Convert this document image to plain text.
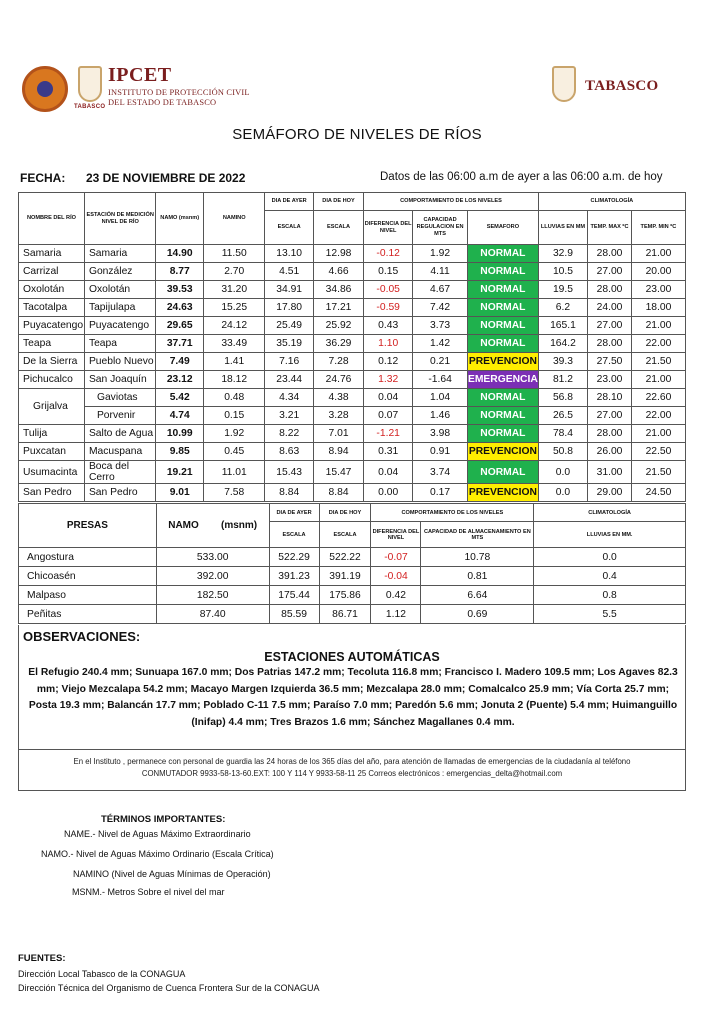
TABASCO
IPCET
INSTITUTO DE PROTECCIÓN CIVIL
DEL ESTADO DE TABASCO
TABASCO
SEMÁFORO DE NIVELES DE RÍOS
FECHA: 23 DE NOVIEMBRE DE 2022	Datos de las 06:00 a.m de ayer a las 06:00 a.m. de hoy
NOMBRE DEL RÍO	ESTACIÓN DE MEDICIÓN NIVEL DE RÍO	NAMO (msnm)	NAMINO	DIA DE AYER	DIA DE HOY	COMPORTAMIENTO DE LOS NIVELES			CLIMATOLOGÍA		
				ESCALA	ESCALA	DIFERENCIA DEL NIVEL	CAPACIDAD REGULACION EN MTS	SEMAFORO	LLUVIAS EN MM	TEMP. MAX ºC	TEMP. MIN ºC
Samaria	Samaria	14.90	11.50	13.10	12.98	-0.12	1.92	NORMAL	32.9	28.00	21.00
Carrizal	González	8.77	2.70	4.51	4.66	0.15	4.11	NORMAL	10.5	27.00	20.00
Oxolotán	Oxolotán	39.53	31.20	34.91	34.86	-0.05	4.67	NORMAL	19.5	28.00	23.00
Tacotalpa	Tapijulapa	24.63	15.25	17.80	17.21	-0.59	7.42	NORMAL	6.2	24.00	18.00
Puyacatengo	Puyacatengo	29.65	24.12	25.49	25.92	0.43	3.73	NORMAL	165.1	27.00	21.00
Teapa	Teapa	37.71	33.49	35.19	36.29	1.10	1.42	NORMAL	164.2	28.00	22.00
De la Sierra	Pueblo Nuevo	7.49	1.41	7.16	7.28	0.12	0.21	PREVENCION	39.3	27.50	21.50
Pichucalco	San Joaquín	23.12	18.12	23.44	24.76	1.32	-1.64	EMERGENCIA	81.2	23.00	21.00
Grijalva	Gaviotas	5.42	0.48	4.34	4.38	0.04	1.04	NORMAL	56.8	28.10	22.60
	Porvenir	4.74	0.15	3.21	3.28	0.07	1.46	NORMAL	26.5	27.00	22.00
Tulija	Salto de Agua	10.99	1.92	8.22	7.01	-1.21	3.98	NORMAL	78.4	28.00	21.00
Puxcatan	Macuspana	9.85	0.45	8.63	8.94	0.31	0.91	PREVENCION	50.8	26.00	22.50
Usumacinta	Boca del Cerro	19.21	11.01	15.43	15.47	0.04	3.74	NORMAL	0.0	31.00	21.50
San Pedro	San Pedro	9.01	7.58	8.84	8.84	0.00	0.17	PREVENCION	0.0	29.00	24.50
PRESAS	NAMO (msnm)	DIA DE AYER	DIA DE HOY	COMPORTAMIENTO DE LOS NIVELES		CLIMATOLOGÍA
		ESCALA	ESCALA	DIFERENCIA DEL NIVEL	CAPACIDAD DE ALMACENAMIENTO EN MTS	LLUVIAS EN MM.
Angostura	533.00	522.29	522.22	-0.07	10.78	0.0
Chicoasén	392.00	391.23	391.19	-0.04	0.81	0.4
Malpaso	182.50	175.44	175.86	0.42	6.64	0.8
Peñitas	87.40	85.59	86.71	1.12	0.69	5.5
OBSERVACIONES:
ESTACIONES AUTOMÁTICAS
El Refugio 240.4 mm; Sunuapa 167.0 mm; Dos Patrias 147.2 mm; Tecoluta 116.8 mm; Francisco I. Madero 109.5 mm; Los Agaves 82.3 mm; Viejo Mezcalapa 54.2 mm; Macayo Margen Izquierda 36.5 mm; Mezcalapa 28.0 mm; Comalcalco 25.9 mm; Vía Corta 25.7 mm; Posta 19.3 mm; Balancán 17.7 mm; Poblado C-11 7.5 mm; Paraíso 7.0 mm; Paredón 5.6 mm; Jonuta 2 (Puente) 5.4 mm; Huimanguillo (Inifap) 4.4 mm; Tres Brazos 1.6 mm; Sánchez Magallanes 0.4 mm.
En el Instituto , permanece con personal de guardia las 24 horas de los 365 días del año, para atención de llamadas de emergencias de la ciudadanía al teléfono
CONMUTADOR 9933-58-13-60.EXT: 100 Y 114 Y 9933-58-11 25 Correos electrónicos : emergencias_delta@hotmail.com
TÉRMINOS IMPORTANTES:
NAME.- Nivel de Aguas Máximo Extraordinario
NAMO.- Nivel de Aguas Máximo Ordinario (Escala Crítica)
NAMINO (Nivel de Aguas Mínimas de Operación)
MSNM.- Metros Sobre el nivel del mar
FUENTES:
Dirección Local Tabasco de la CONAGUA
Dirección Técnica del Organismo de Cuenca Frontera Sur de la CONAGUA
